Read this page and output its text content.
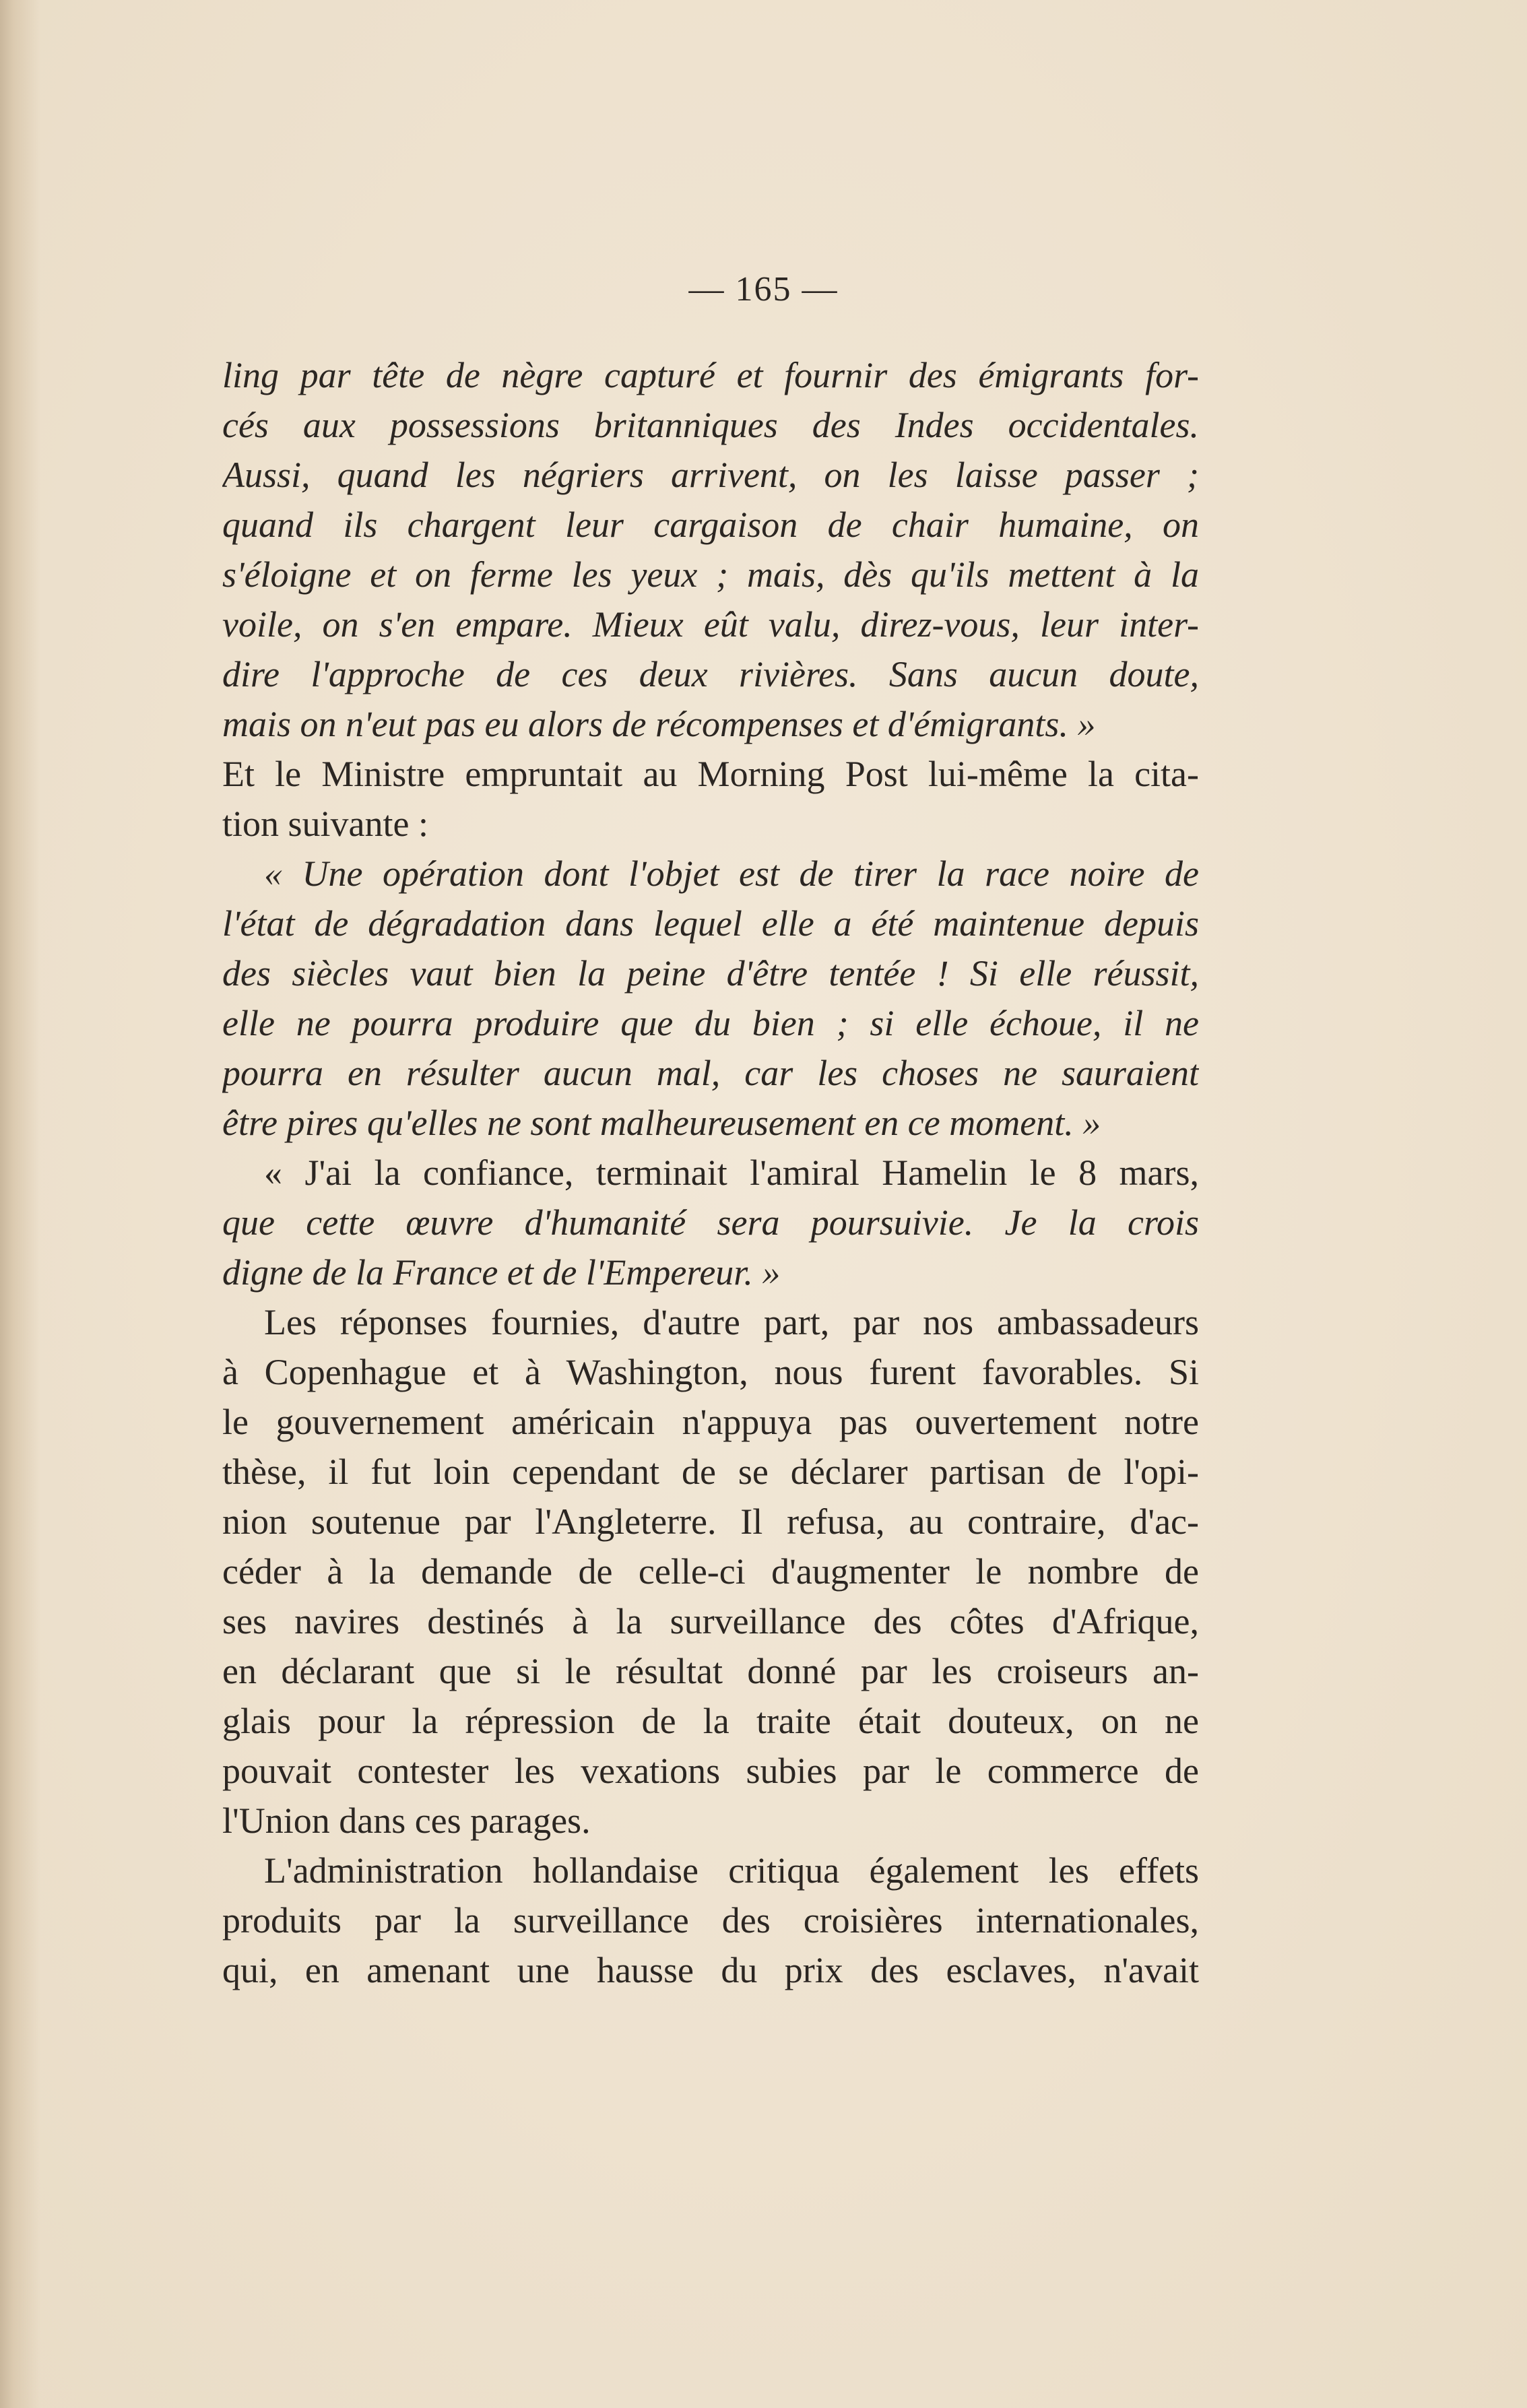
— 165 —
ling par tête de nègre capturé et fournir des émigrants for-
cés aux possessions britanniques des Indes occidentales.
Aussi, quand les négriers arrivent, on les laisse passer ;
quand ils chargent leur cargaison de chair humaine, on
s'éloigne et on ferme les yeux ; mais, dès qu'ils mettent à la
voile, on s'en empare. Mieux eût valu, direz-vous, leur inter-
dire l'approche de ces deux rivières. Sans aucun doute,
mais on n'eut pas eu alors de récompenses et d'émigrants. »
Et le Ministre empruntait au Morning Post lui-même la cita-
tion suivante :
« Une opération dont l'objet est de tirer la race noire de
l'état de dégradation dans lequel elle a été maintenue depuis
des siècles vaut bien la peine d'être tentée ! Si elle réussit,
elle ne pourra produire que du bien ; si elle échoue, il ne
pourra en résulter aucun mal, car les choses ne sauraient
être pires qu'elles ne sont malheureusement en ce moment. »
« J'ai la confiance, terminait l'amiral Hamelin le 8 mars,
que cette œuvre d'humanité sera poursuivie. Je la crois
digne de la France et de l'Empereur. »
Les réponses fournies, d'autre part, par nos ambassadeurs
à Copenhague et à Washington, nous furent favorables. Si
le gouvernement américain n'appuya pas ouvertement notre
thèse, il fut loin cependant de se déclarer partisan de l'opi-
nion soutenue par l'Angleterre. Il refusa, au contraire, d'ac-
céder à la demande de celle-ci d'augmenter le nombre de
ses navires destinés à la surveillance des côtes d'Afrique,
en déclarant que si le résultat donné par les croiseurs an-
glais pour la répression de la traite était douteux, on ne
pouvait contester les vexations subies par le commerce de
l'Union dans ces parages.
L'administration hollandaise critiqua également les effets
produits par la surveillance des croisières internationales,
qui, en amenant une hausse du prix des esclaves, n'avait
